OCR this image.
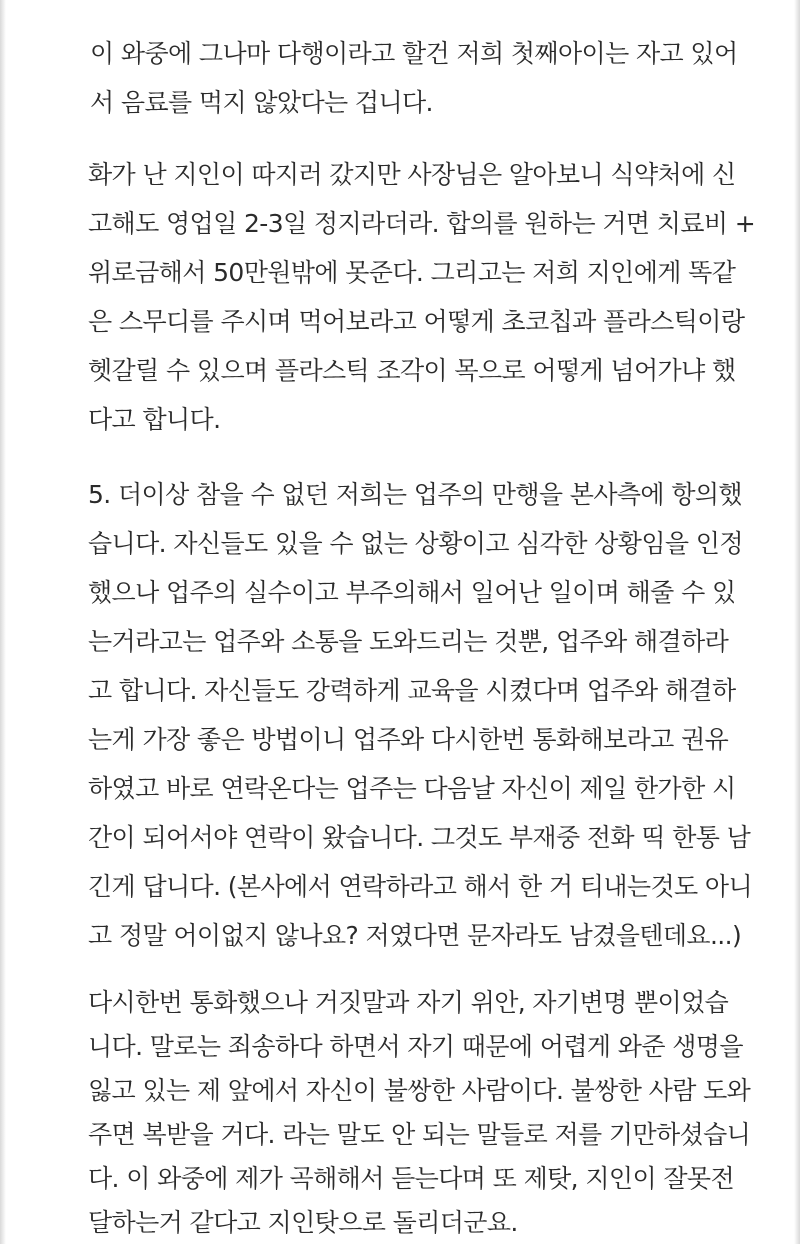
이 와중에 그나마 다행이라고 할건 저희 첫째아이는 자고 있어
서 음료를 먹지 않았다는 겁니다.
화가 난 지인이 따지러 갔지만 사장님은 알아보니 식약처에 신
고해도 영업일 2-3일 정지라더라. 합의를 원하는 거면 치료비 +
위로금해서 50만원밖에 못준다. 그리고는 저희 지인에게 똑같
은 스무디를 주시며 먹어보라고 어떻게 초코칩과 플라스틱이랑
헷갈릴 수 있으며 플라스틱 조각이 목으로 어떻게 넘어가냐 했
다고 합니다.
5. 더이상 참을 수 없던 저희는 업주의 만행을 본사측에 항의했
습니다. 자신들도 있을 수 없는 상황이고 심각한 상황임을 인정
했으나 업주의 실수이고 부주의해서 일어난 일이며 해줄 수 있
는거라고는 업주와 소통을 도와드리는 것뿐, 업주와 해결하라
고 합니다. 자신들도 강력하게 교육을 시켰다며 업주와 해결하
는게 가장 좋은 방법이니 업주와 다시한번 통화해보라고 권유
하였고 바로 연락온다는 업주는 다음날 자신이 제일 한가한 시
간이 되어서야 연락이 왔습니다. 그것도 부재중 전화 띡 한통 남
긴게 답니다. (본사에서 연락하라고 해서 한 거 티내는것도 아니
고 정말 어이없지 않나요? 저였다면 문자라도 남겼을텐데요...)
다시한번 통화했으나 거짓말과 자기 위안, 자기변명 뿐이었습
니다. 말로는 죄송하다 하면서 자기 때문에 어렵게 와준 생명을
잃고 있는 제 앞에서 자신이 불쌍한 사람이다. 불쌍한 사람 도와
주면 복받을 거다. 라는 말도 안 되는 말들로 저를 기만하셨습니
다. 이 와중에 제가 곡해해서 듣는다며 또 제탓, 지인이 잘못전
달하는거 같다고 지인탓으로 돌리더군요.
